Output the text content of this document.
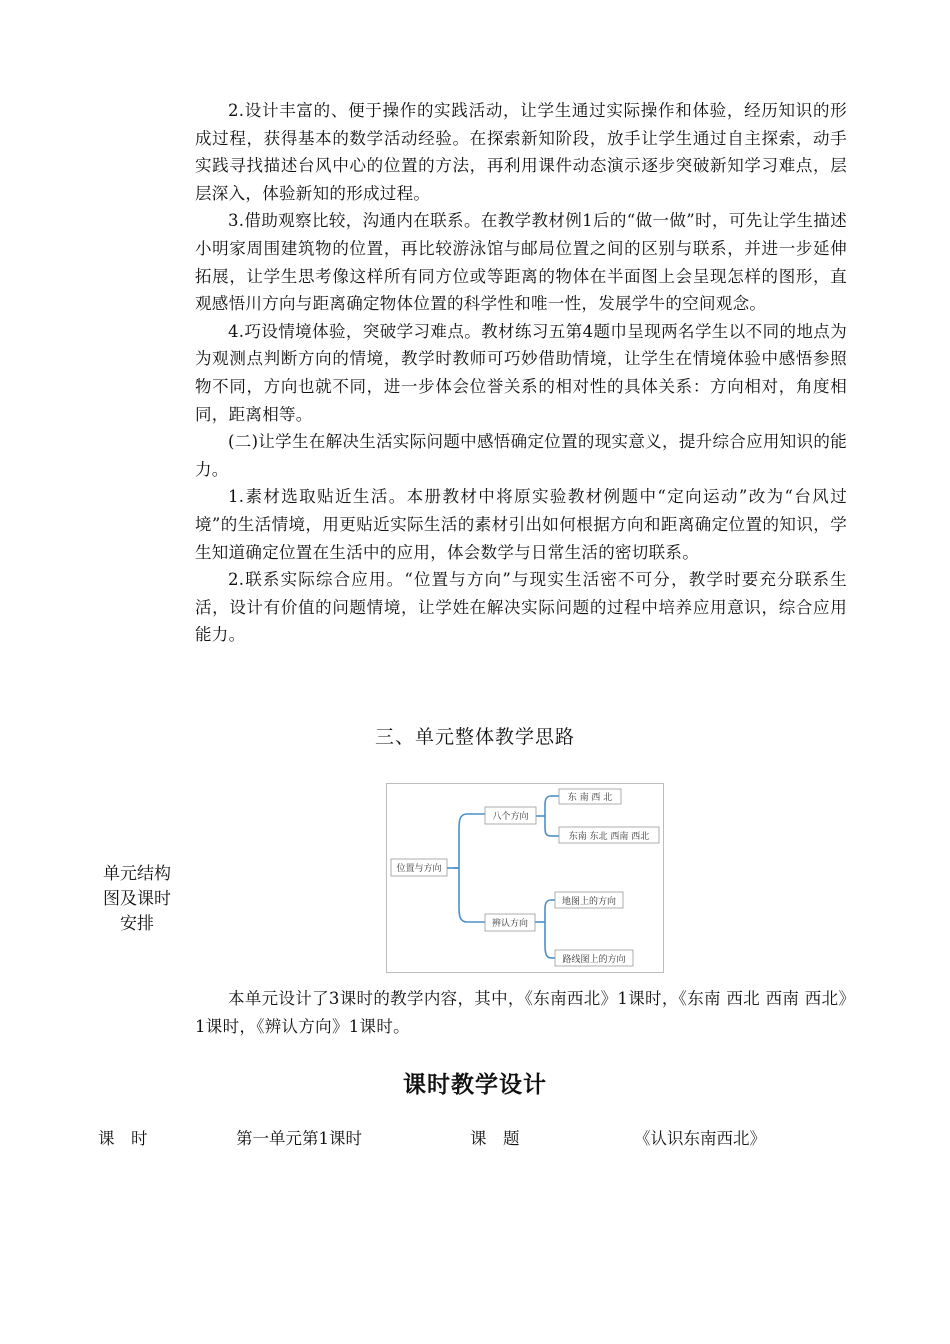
2.设计丰富的、便于操作的实践活动，让学生通过实际操作和体验，经历知识的形成过程，获得基本的数学活动经验。在探索新知阶段，放手让学生通过自主探索，动手实践寻找描述台风中心的位置的方法，再利用课件动态演示逐步突破新知学习难点，层层深入，体验新知的形成过程。

3.借助观察比较，沟通内在联系。在教学教材例1后的“做一做”时，可先让学生描述小明家周围建筑物的位置，再比较游泳馆与邮局位置之间的区别与联系，并进一步延伸拓展，让学生思考像这样所有同方位或等距离的物体在半面图上会呈现怎样的图形，直观感悟川方向与距离确定物体位置的科学性和唯一性，发展学牛的空间观念。

4.巧设情境体验，突破学习难点。教材练习五第4题巾呈现两名学生以不同的地点为为观测点判断方向的情境，教学时教师可巧妙借助情境，让学生在情境体验中感悟参照物不同，方向也就不同，进一步体会位誉关系的相对性的具体关系：方向相对，角度相同，距离相等。

(二)让学生在解决生活实际问题中感悟确定位置的现实意义，提升综合应用知识的能力。

1.素材选取贴近生活。本册教材中将原实验教材例题中“定向运动”改为“台风过境”的生活情境，用更贴近实际生活的素材引出如何根据方向和距离确定位置的知识，学生知道确定位置在生活中的应用，体会数学与日常生活的密切联系。

2.联系实际综合应用。“位置与方向”与现实生活密不可分，教学时要充分联系生活，设计有价值的问题情境，让学姓在解决实际问题的过程中培养应用意识，综合应用能力。

三、单元整体教学思路
单元结构
图及课时
安排
位置与方向
八个方向
东 南 西 北
东南 东北 西南 西北
辨认方向
地图上的方向
路线图上的方向

本单元设计了3课时的教学内容，其中，《东南西北》1课时，《东南 西北 西南 西北》1课时，《辨认方向》1课时。

课时教学设计
课　时	第一单元第1课时	课　题	《认识东南西北》
